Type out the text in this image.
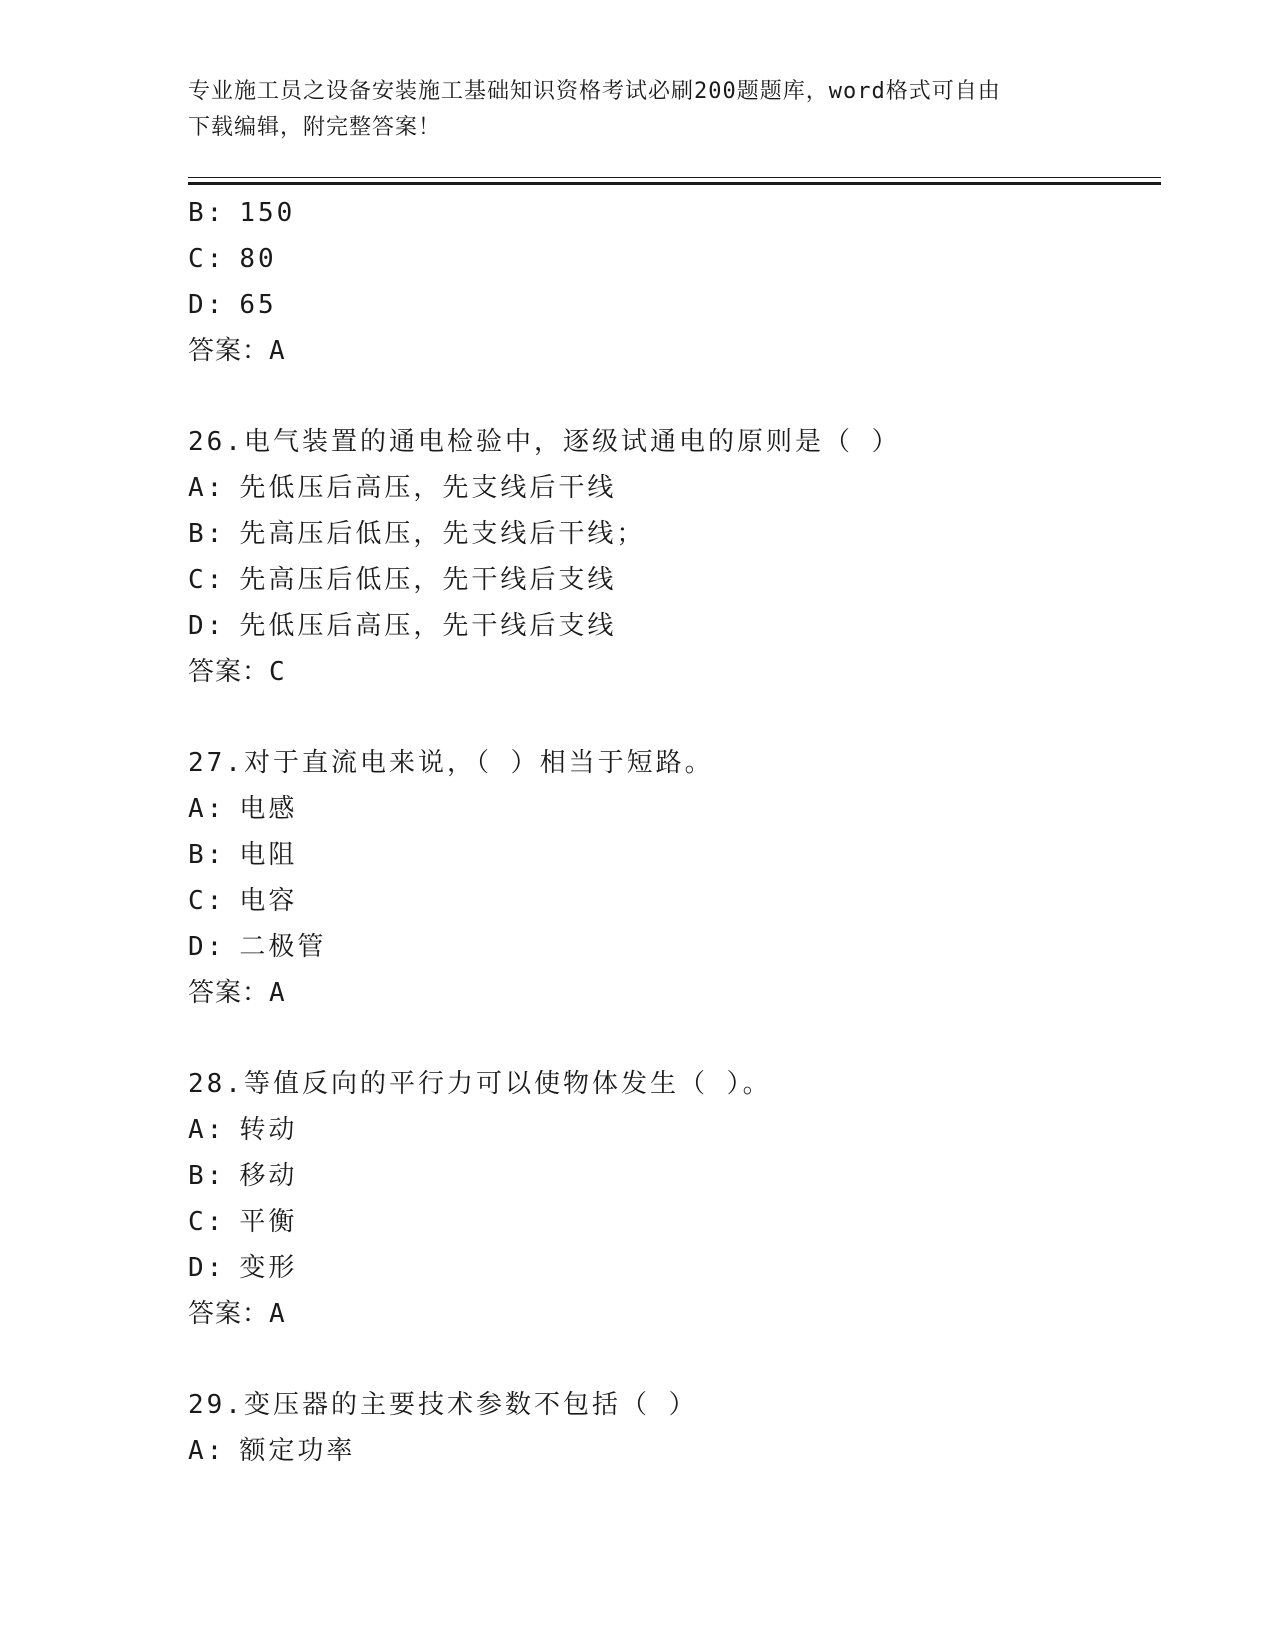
专业施工员之设备安装施工基础知识资格考试必刷200题题库，word格式可自由
下载编辑，附完整答案！
B: 150
C: 80
D: 65
答案：A
26.电气装置的通电检验中，逐级试通电的原则是（ ）
A: 先低压后高压，先支线后干线
B: 先高压后低压，先支线后干线；
C: 先高压后低压，先干线后支线
D: 先低压后高压，先干线后支线
答案：C
27.对于直流电来说，（ ）相当于短路。
A: 电感
B: 电阻
C: 电容
D: 二极管
答案：A
28.等值反向的平行力可以使物体发生（ ）。
A: 转动
B: 移动
C: 平衡
D: 变形
答案：A
29.变压器的主要技术参数不包括（ ）
A: 额定功率
